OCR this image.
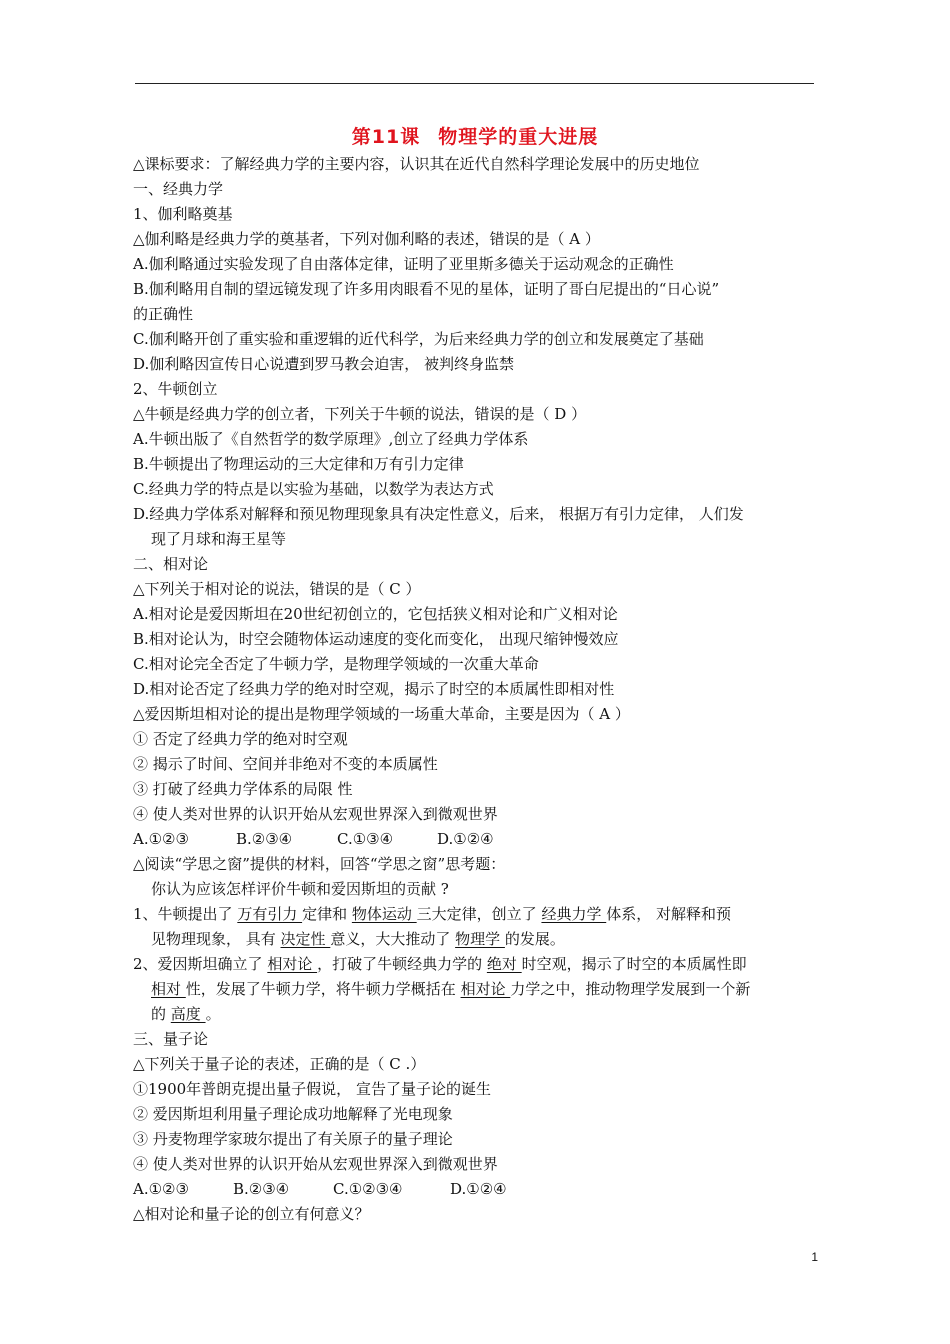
第11课 物理学的重大进展
△课标要求：了解经典力学的主要内容，认识其在近代自然科学理论发展中的历史地位
一、经典力学
1、伽利略奠基
△伽利略是经典力学的奠基者，下列对伽利略的表述，错误的是（ A ）
A.伽利略通过实验发现了自由落体定律，证明了亚里斯多德关于运动观念的正确性
B.伽利略用自制的望远镜发现了许多用肉眼看不见的星体，证明了哥白尼提出的“日心说”
的正确性
C.伽利略开创了重实验和重逻辑的近代科学，为后来经典力学的创立和发展奠定了基础
D.伽利略因宣传日心说遭到罗马教会迫害， 被判终身监禁
2、牛顿创立
△牛顿是经典力学的创立者，下列关于牛顿的说法，错误的是（ D ）
A.牛顿出版了《自然哲学的数学原理》,创立了经典力学体系
B.牛顿提出了物理运动的三大定律和万有引力定律
C.经典力学的特点是以实验为基础，以数学为表达方式
D.经典力学体系对解释和预见物理现象具有决定性意义，后来， 根据万有引力定律， 人们发
现了月球和海王星等
二、相对论
△下列关于相对论的说法，错误的是（ C ）
A.相对论是爱因斯坦在20世纪初创立的，它包括狭义相对论和广义相对论
B.相对论认为，时空会随物体运动速度的变化而变化， 出现尺缩钟慢效应
C.相对论完全否定了牛顿力学，是物理学领域的一次重大革命
D.相对论否定了经典力学的绝对时空观，揭示了时空的本质属性即相对性
△爱因斯坦相对论的提出是物理学领域的一场重大革命，主要是因为（ A ）
① 否定了经典力学的绝对时空观
② 揭示了时间、空间并非绝对不变的本质属性
③ 打破了经典力学体系的局限 性
④ 使人类对世界的认识开始从宏观世界深入到微观世界
A.①②③	B.②③④	C.①③④	D.①②④
△阅读“学思之窗”提供的材料，回答“学思之窗”思考题：
你认为应该怎样评价牛顿和爱因斯坦的贡献 ?
1、牛顿提出了 万有引力 定律和 物体运动 三大定律，创立了 经典力学 体系， 对解释和预
见物理现象， 具有 决定性 意义，大大推动了 物理学 的发展。
2、爱因斯坦确立了 相对论 ，打破了牛顿经典力学的 绝对 时空观，揭示了时空的本质属性即
相对 性，发展了牛顿力学，将牛顿力学概括在 相对论 力学之中，推动物理学发展到一个新
的 高度 。
三、量子论
△下列关于量子论的表述，正确的是（ C .）
①1900年普朗克提出量子假说， 宣告了量子论的诞生
② 爱因斯坦利用量子理论成功地解释了光电现象
③ 丹麦物理学家玻尔提出了有关原子的量子理论
④ 使人类对世界的认识开始从宏观世界深入到微观世界
A.①②③	B.②③④	C.①②③④	D.①②④
△相对论和量子论的创立有何意义？
1
